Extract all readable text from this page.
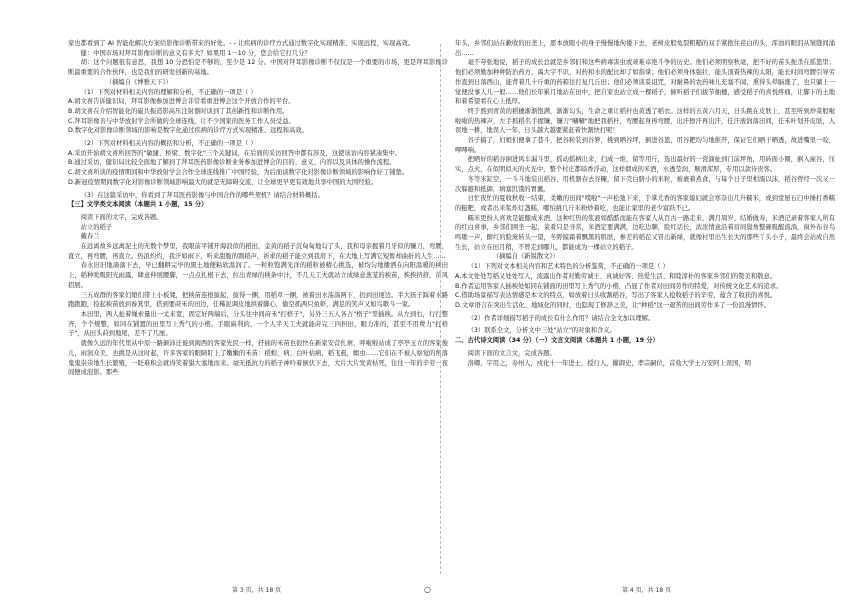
家也都看到了 AI 智能化解决方案给影像诊断带来的好处。- - 让疾病的诊疗方式通过数字化实现精准、实现远程、实现高效。

健：中国市场对拜耳影像诊断的意义有多大？如果用 1－10 分，您会给它打几分？

胡：这个问题很有意思，我想 10 分恐怕是不够的，至少是 12 分。中国对拜耳影像诊断不仅仅是一个重要的市场，更是拜耳影像诊断最重要的合作伙伴，也是我们的研发创新的基地。

（摘编自《博雅天下》）

（1）下列对材料相关内容的理解和分析，不正确的一项是（ ）

A.胡文喜告诉健识局，拜耳影像参加进博会非常看重进博会这个开放合作的平台。

B.胡文喜在介绍智能化的磁共振造影高压注射器时谈到了其创新性和诊断作用。

C.拜耳影像善与中华放射学会所做的全球连线，让不少国家的医务工作人员受益。

D.数字化对影像诊断领域的影响是数字化通过疾病的诊疗方式实现精准、远程和高效。

（2）下列对材料相关内容的概括和分析，不正确的一项是（ ）

A.采访开始胡文喜所回答的"敏捷、桥梁、数字化"三个关键词，在后面的采访回答中都有涉及，这使该访内容紧凑集中。

B.通过采访，健识局比较全面地了解到了拜耳医药影像诊断业务参加进博会的目的、意义、内容以及具体的操作流程。

C.胡文喜所谈的疫情期间和中华放射学会合作全球连线推广中国经验，为后面谈数字化对影像诊断领域的影响作好了铺垫。

D.新冠疫情期间数字化对影像诊断领域影响最大的就是无障碍交流，让全球更早更有效地共享中国的大国经验。

（3）在这篇采访中，你看到了拜耳医药影像与中国合作的哪些契机？请结合材料概括。

【三】文学类文本阅读（本题共 1 小题，15 分）

阅读下面的文字，完成各题。

站立的稻子

戴春兰

在远离故乡远离泥土的无数个梦里，我眼前平铺开海浪似的稻田，金黄的稻子沉甸甸地勾了头，我和母亲握着月牙似的镰刀，弯腰，直立，再弯腰，再直立。热浪灼灼，我汗如雨下，听来甜脆的割稻声，祈求的稻子能立到我肩下，在大地上写满它短暂却曲折的人生……

春水旧旧地滴落下去，早已翻耕完毕的黑土地便粘软温润了。一粒粒饱满光洋的稻粒被精心挑选，被均匀地播洒在向阳温暖的秧田上，稻种吮吸阳光雨露，肆意伸展腰脚，一点点扎根下去，拉出青绿的秧条中汁，不几天工夫就站立成绿意葱茏的秧苗，挨挨挤挤，茁风招展。

三五成群的客家妇娘们带上小板凳，把秧苗连根拔起，拔得一捆，用稻草一捆，被着田水荡涤两下，扔到田埂边。半大孩子踩着水路跑跑跑，捡起秧苗放到畚箕里，搭到要莳禾的田边，任稀泥调皮地拱着脚心，偷空抓两只鱼虾，满足的笑声又如鸟歌斗一家。

本田里，两人扯着绳索量出一丈来宽，固定好两端后，分头往中间莳禾"打格子"，另外三五人各占"格子"里插秧。从左到右，行行整齐，个个规整，如同在铺置的田里写上秀气的小楷。手眼麻利的，一个人半天工夫就能莳完三四担田，眼力准的，甚至不用费力"打格子"，从田头莳到地尾，差不了几厘。

就像久远的年代里从中原一路颠沛迁徙到闽西的客家先民一样，扦插的禾苗也很快在新家安营扎寨，呼啦啦站成了亭亭玉立的客家俊儿，雨润众美，也挑是从这时起，许多客家的眼睛盯上了嫩嫩的禾苗：稻蝗、病、白叶枯病，稻飞虱，螟虫……它们在不被人察觉的角落鬼鬼祟祟地生长繁殖，一眨难积会就得笑着猖大塞地而来。毫无抵抗力的稻子神吟着倒伏下去，大片大片发黄枯死，往往一年的辛劳一夜间便成泡影。那些

年头，乡邻们站在歉收的田垄上，愿本放眼小的身子慢慢地佝偻下去，老树皮般龟裂粗糙的双手紧抱住荏白的头，浑浊的眼泪从皱缝间涌出……

毫不夸张地说，稻子的成长总就是乡邻们和这些病毒害虫或顽难卓绝斗争的历史。他们必须明察秋毫，把不好的苗头扼杀在摇篮里；他们必须勤加种种防治药方，禹大宇不识，对药和水的配比却了如指掌；他们必须身体强壮，能头顶着热辣的太阳，能长时间弯腰引导劳作直到日落西山，能背着几十斤重的药箱往打复几丘田；他们必须谈妥诅咒，对耐鼻的农药味儿充塞不闻，熏得头晕脑涨了，也只躺上一觉便没事人儿一般……他们长年累月地站在田中，把自家也站立成一棵稻子，倾听稻子们拔节抽穗，感受稻子的喜悦疼痛，让脚下的土地和着希望看在心上抵厚。

终于熬到青黄的稻穗渐渐饱满，渐渐勾头，生命之重让稻秆也黄透了稻衣。这样的五黄六月天，日头跳在皮肤上，甚至听到炒菜般啦啦啦的热辣声，左手抓稻名手握镰，镰刀"唰唰"地把我稻秆，弯腰起身再弯腰，出汗擦汗再出汗，任汗液润落田间，任禾叶划开皮肤，人误地一耕，地误人一年，日头越大越要紧赶着快割快打呢！

谷子搞了，妇娘们便拿了巷斗，把谷粒装到谷箩，挑到晒谷坪，倒进谷篮，用谷耙均匀地推开，保证它们晒干晒透，故进嘴里一咬，嗶嗶响。

把晒好的稻谷倒进风车漏斗里，摇动摇柄出来，扫成一堆，留等用斤，选出最好的一瓷滴扯到门前坪角，用砖面小圈，倒入雇谷，压实，点火，在似明似灭的火光中，整个村庄都暗香浮动，这样烟成的米酒，水透莹润、顺滑浑厚，专用以款待贵客。

冬等米缸空，一斗斗地装出稻谷，用机器春去谷糠，留下壳白脐小的米粒，被裹着煮食，与每个日子里相濡以沫，稻谷曾经一次又一次躲避和抵御，填塞饥饿的胃囊。

日忙夜忙的夏收秋收一结束，柔嫩的田间"噗啦"一声松弛下来，于掌尤香的客家媳妇就会寒杂出几升糯米，或到堂屋石臼中捶打香糯的糍粑，或者出米浆炸灯盏糕，哪怕挑几斤米粉炒着吃，也能让家里的老少富跃不已。

糯米更扮人喜欢是能酿成米酒，这种红热的浆液如酷酷而能在客家人从百古一路走来，满月周岁、结婚做寿，米酒记录着客家人所有的红白喜事，乡邻们围坐一起，菜肴只是寻常，米酒定要满满，边吃边聊，脸红话长，浓浓情意沿着眉间鬓角整碗吸醒流淌，窗外布谷鸟鸣歇一声，醉红的脸庞转头一望，冬野摸霜着飘黑的肌肤，参差的稻茬又冒出新绿，就像村里出生长大的那些丫头小子，最终会站成自然生长，站立在田月稍，不曾走到哪儿，都能成为一棵站立的稻子。

（摘编自《新锐散文》）

（1）下列对文本相关内容和艺术特色的分析鉴赏，不正确的一项是（ ）

A.本文处处写稻又处处写人，流露出作者对勤劳诚王、真诚好客、热爱生活、和睦淳朴的客家乡邻们的赞美和敬意。

B.作者运用客家人插秧处如同在铺面的田里写上秀气的小楷，凸显了作者对田间劳作的特爱，对传统文化艺术的追求。

C.借助场景描写表达情感是本文的特点，如放着日头收割稻谷，写出了客家人抢收稻子的辛劳，蕴含了收获的喜悦。

D.文章语言在突出生活化、地域化的同时，也隐现了修辞之美，让"种稻"这一艰苦的田间劳作多了一份浪漫情怀。

（2）作者详细描写稻子的成长有什么作用？请结合全文加以理解。

（3）联系全文，分析文中三处"站立"的对象和含义。

二、古代诗文阅读（34 分）（一）文言文阅读（本题共 1 小题，19 分）

阅读下面的文言文，完成各题。

洛卿，字用之，寿州人，戍化十一年进士，授行人，擢御史，孝宗嗣位，首劾大学士万安阿上误国，明

第 3 页，共 18 页	○	第 4 页，共 18 页
